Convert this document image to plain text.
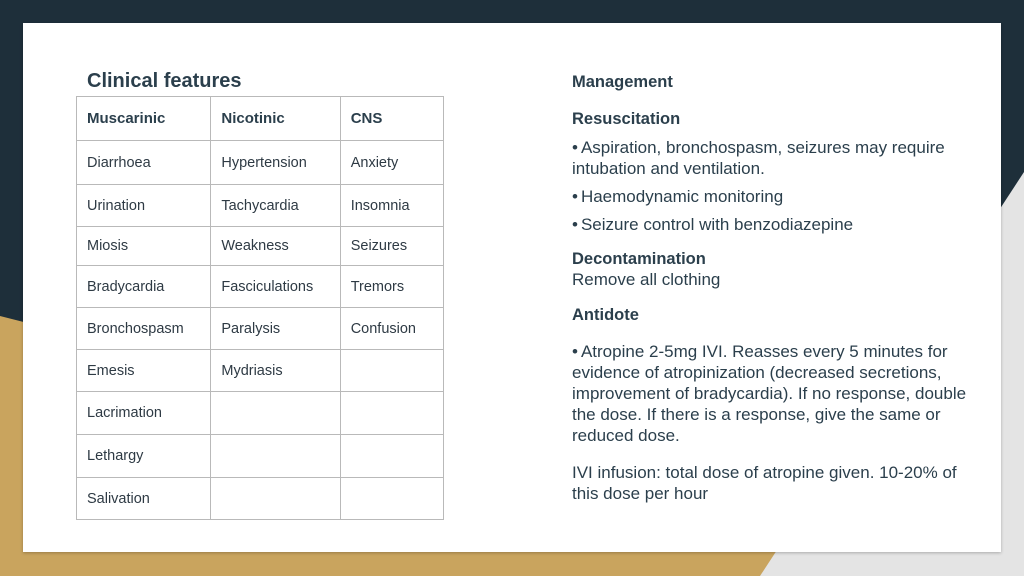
Clinical features
Muscarinic	Nicotinic	CNS
Diarrhoea	Hypertension	Anxiety
Urination	Tachycardia	Insomnia
Miosis	Weakness	Seizures
Bradycardia	Fasciculations	Tremors
Bronchospasm	Paralysis	Confusion
Emesis	Mydriasis	
Lacrimation		
Lethargy		
Salivation		
Management
Resuscitation
• Aspiration, bronchospasm, seizures may require intubation and ventilation.
• Haemodynamic monitoring
• Seizure control with benzodiazepine
Decontamination
Remove all clothing
Antidote
• Atropine 2-5mg IVI. Reasses every 5 minutes for evidence of atropinization (decreased secretions, improvement of bradycardia). If no response, double the dose. If there is a response, give the same or reduced dose.
IVI infusion: total dose of atropine given. 10-20% of this dose per hour
